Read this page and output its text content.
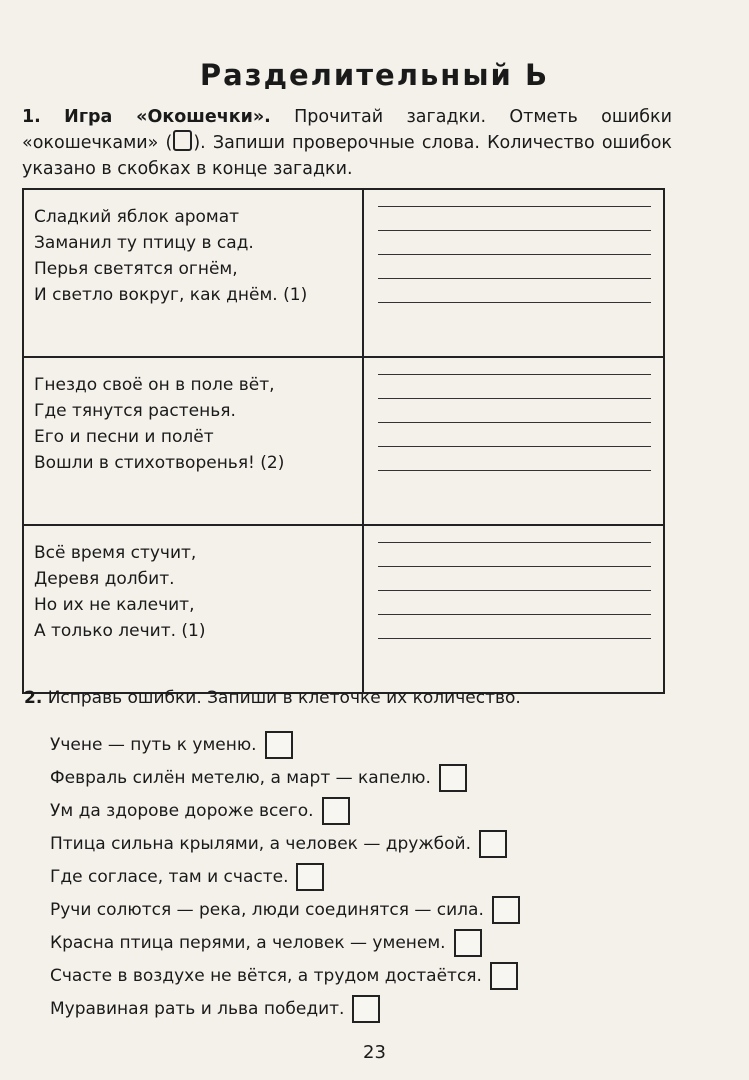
Разделительный Ь
1. Игра «Окошечки». Прочитай загадки. Отметь ошибки «окошечками» ( ). Запиши проверочные слова. Количество ошибок указано в скобках в конце загадки.
Сладкий яблок аромат
Заманил ту птицу в сад.
Перья светятся огнём,
И светло вокруг, как днём. (1)	

Гнездо своё он в поле вёт,
Где тянутся растенья.
Его и песни и полёт
Вошли в стихотворенья! (2)	

Всё время стучит,
Деревя долбит.
Но их не калечит,
А только лечит. (1)	

2. Исправь ошибки. Запиши в клеточке их количество.
Учене — путь к уменю.
Февраль силён метелю, а март — капелю.
Ум да здорове дороже всего.
Птица сильна крылями, а человек — дружбой.
Где согласе, там и счасте.
Ручи солются — река, люди соединятся — сила.
Красна птица перями, а человек — уменем.
Счасте в воздухе не вётся, а трудом достаётся.
Муравиная рать и льва победит.
23
